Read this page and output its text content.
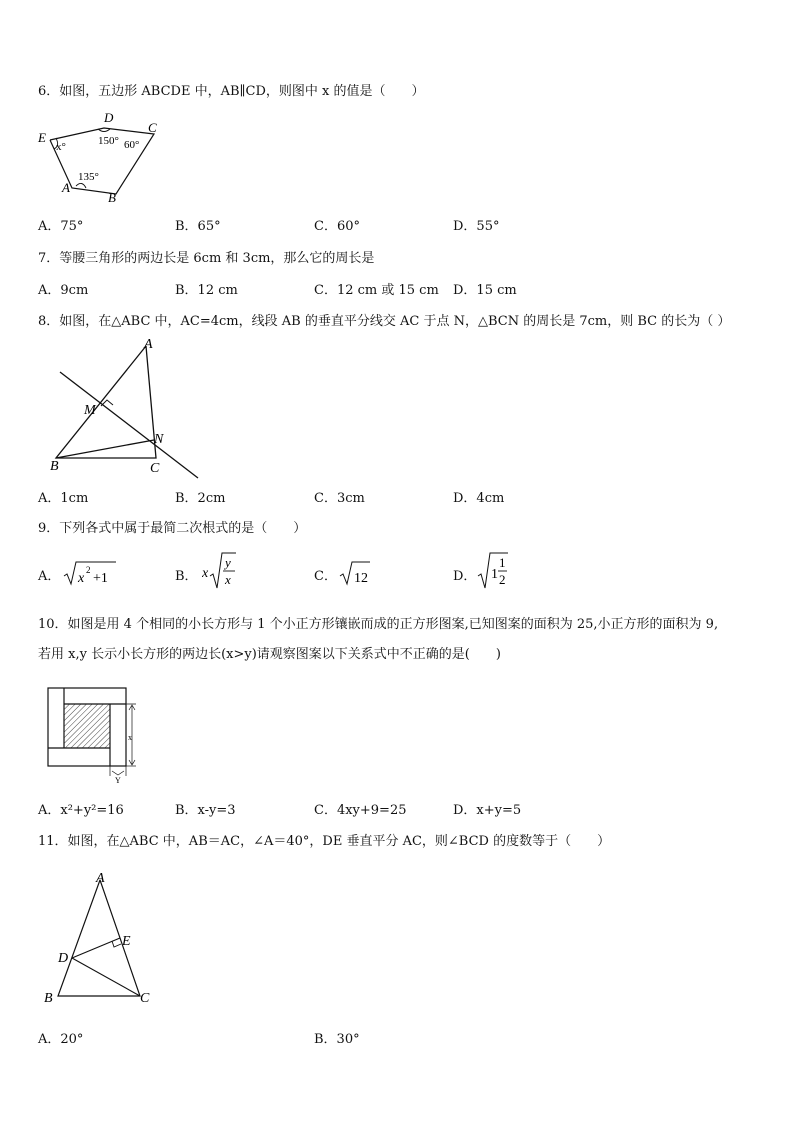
6．如图，五边形 ABCDE 中，AB∥CD，则图中 x 的值是（　　）
E
D
C
A
B
x°	150° 60°
135°
A．75°	B．65°	C．60°	D．55°
7．等腰三角形的两边长是 6cm 和 3cm，那么它的周长是
A．9cm	B．12 cm	C．12 cm 或 15 cm D．15 cm
8．如图，在△ABC 中，AC=4cm，线段 AB 的垂直平分线交 AC 于点 N，△BCN 的周长是 7cm，则 BC 的长为（ ）
A
M
N
B	C
A．1cm	B．2cm	C．3cm	D．4cm
9．下列各式中属于最简二次根式的是（　　）
A．	B．	C．	D．
x
2
+1	x
y
x	12	1
1
2
10．如图是用 4 个相同的小长方形与 1 个小正方形镶嵌而成的正方形图案,已知图案的面积为 25,小正方形的面积为 9,
若用 x,y 长示小长方形的两边长(x>y)请观察图案以下关系式中不正确的是(　　)
x
Y
A．x²+y²=16	B．x-y=3	C．4xy+9=25	D．x+y=5
11．如图，在△ABC 中，AB＝AC，∠A＝40°，DE 垂直平分 AC，则∠BCD 的度数等于（　　）
A
E
D
B	C
A．20°	B．30°
